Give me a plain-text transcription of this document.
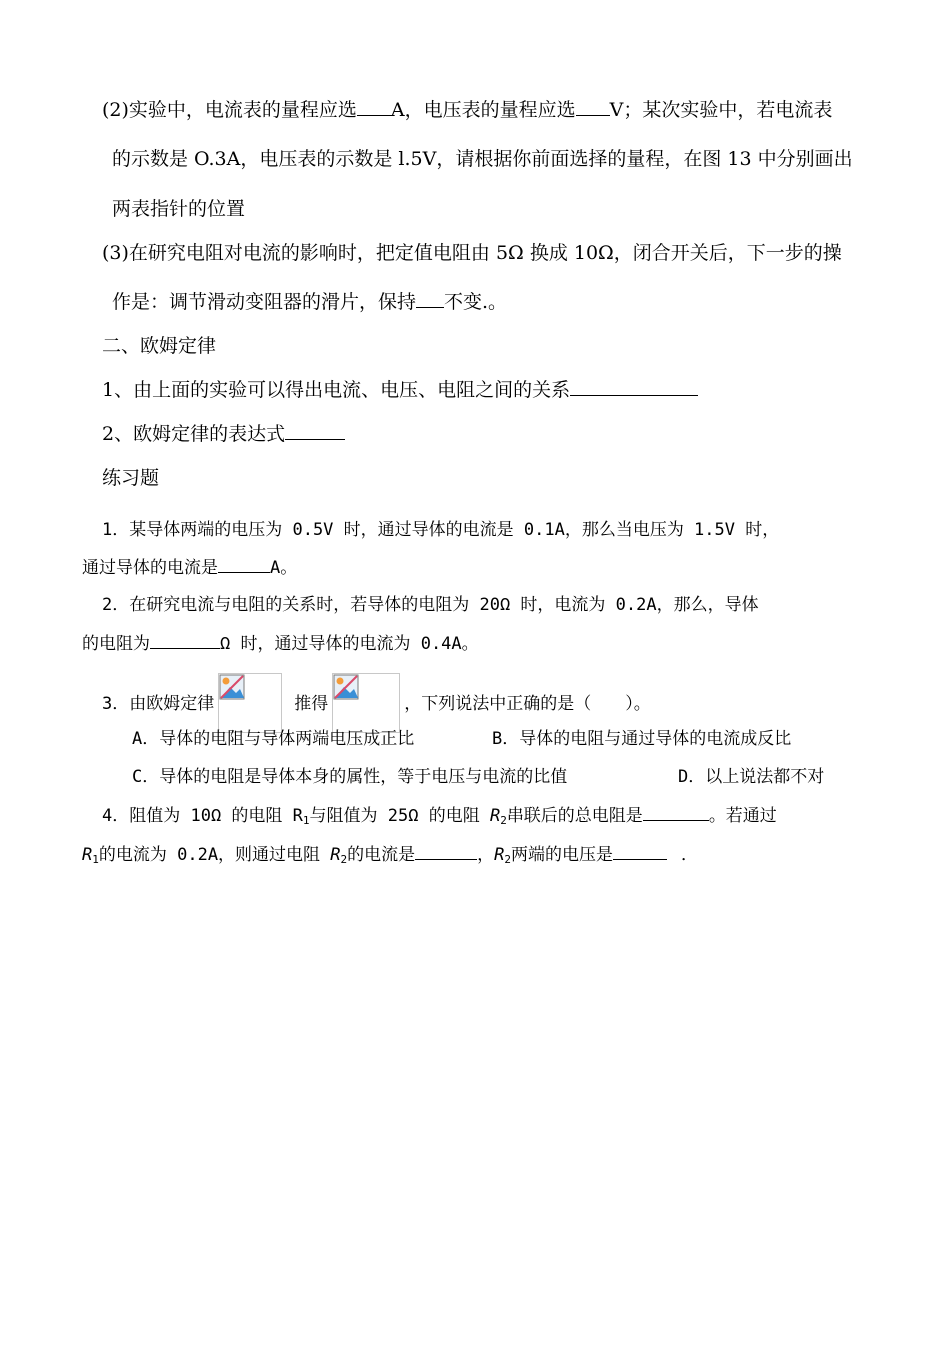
(2)实验中，电流表的量程应选 A，电压表的量程应选 V；某次实验中，若电流表
的示数是 O.3A，电压表的示数是 l.5V，请根据你前面选择的量程，在图 13 中分别画出
两表指针的位置
(3)在研究电阻对电流的影响时，把定值电阻由 5Ω 换成 10Ω，闭合开关后，下一步的操
作是：调节滑动变阻器的滑片，保持 不变.。
二、欧姆定律
1、由上面的实验可以得出电流、电压、电阻之间的关系
2、欧姆定律的表达式
练习题
1．某导体两端的电压为 0.5V 时，通过导体的电流是 0.1A，那么当电压为 1.5V 时，
通过导体的电流是	A。
2．在研究电流与电阻的关系时，若导体的电阻为 20Ω 时，电流为 0.2A，那么，导体
的电阻为	Ω 时，通过导体的电流为 0.4A。
3．由欧姆定律	推得	，下列说法中正确的是（　　）。
A．导体的电阻与导体两端电压成正比	B．导体的电阻与通过导体的电流成反比
C．导体的电阻是导体本身的属性，等于电压与电流的比值	D．以上说法都不对
4．阻值为 10Ω 的电阻 $R_1$与阻值为 25Ω 的电阻 $R_2$串联后的总电阻是	。若通过
$R_1$的电流为 0.2A，则通过电阻 $R_2$的电流是	，$R_2$两端的电压是	．
